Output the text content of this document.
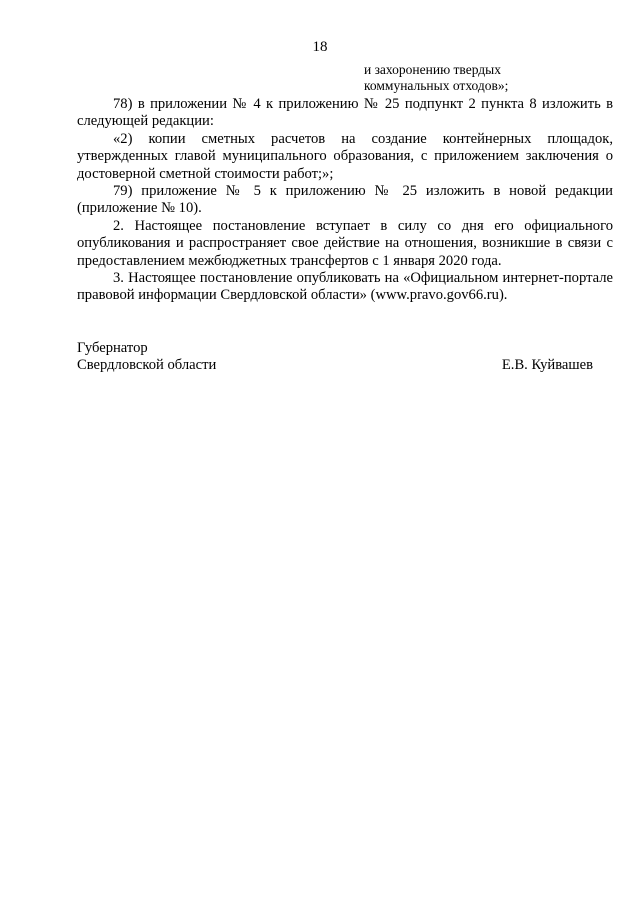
18
и захоронению твердых
коммунальных отходов»;

78) в приложении № 4 к приложению № 25 подпункт 2 пункта 8 изложить в следующей редакции:

«2) копии сметных расчетов на создание контейнерных площадок, утвержденных главой муниципального образования, с приложением заключения о достоверной сметной стоимости работ;»;

79) приложение № 5 к приложению № 25 изложить в новой редакции (приложение № 10).

2. Настоящее постановление вступает в силу со дня его официального опубликования и распространяет свое действие на отношения, возникшие в связи с предоставлением межбюджетных трансфертов с 1 января 2020 года.

3. Настоящее постановление опубликовать на «Официальном интернет-портале правовой информации Свердловской области» (www.pravo.gov66.ru).

Губернатор
Свердловской области	Е.В. Куйвашев
